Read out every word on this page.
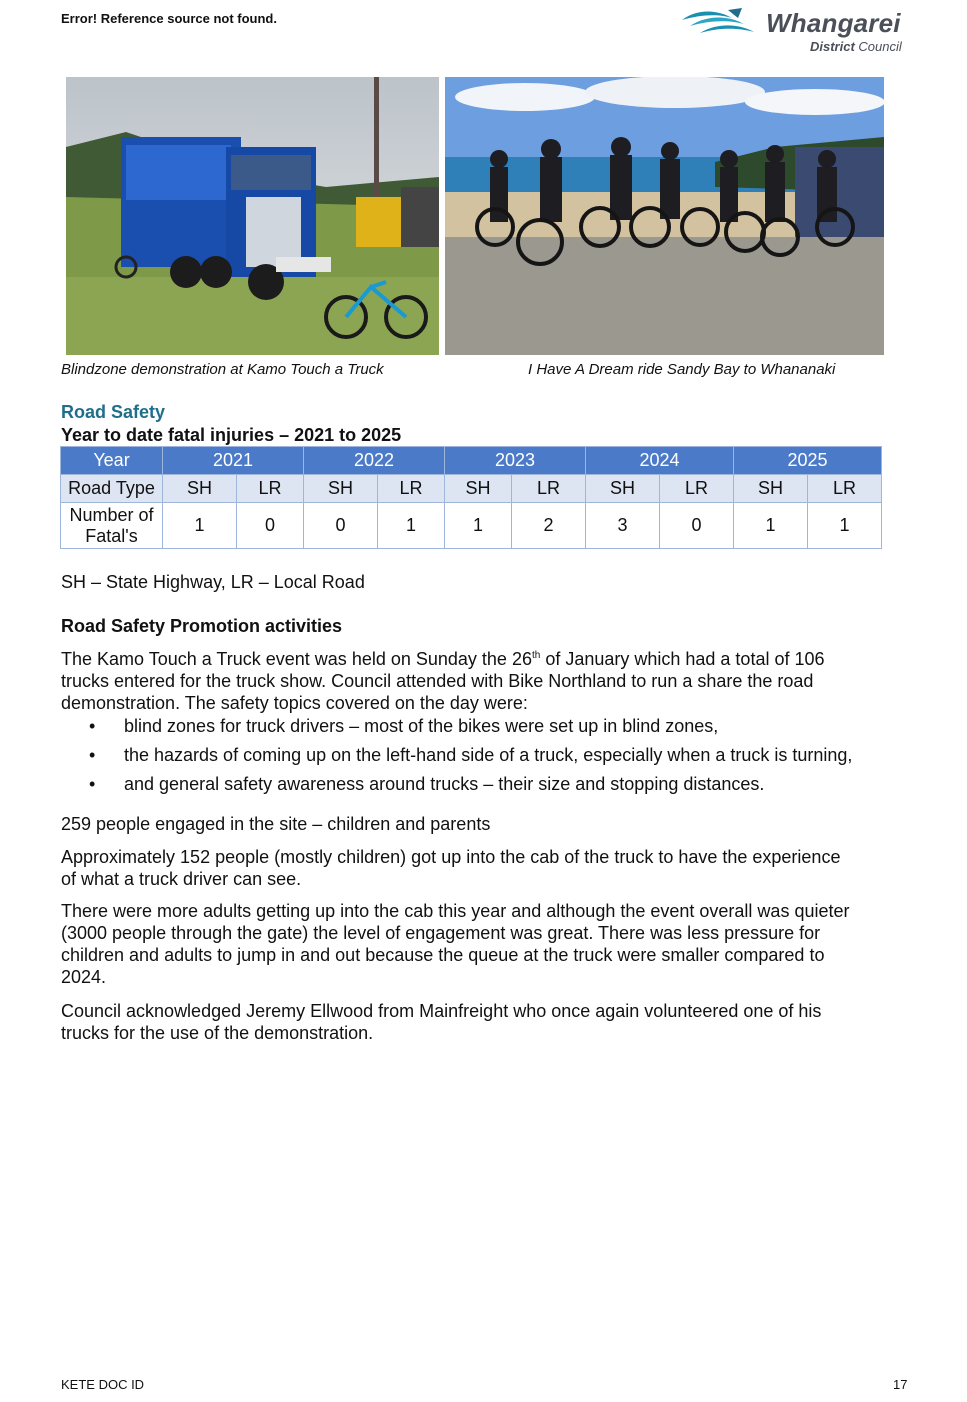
Error! Reference source not found.	Whangarei
District Council
Blindzone demonstration at Kamo Touch a Truck	I Have A Dream ride Sandy Bay to Whananaki
Road Safety
Year to date fatal injuries – 2021 to 2025
Year	2021		2022		2023		2024		2025	
Road Type	SH	LR	SH	LR	SH	LR	SH	LR	SH	LR
Number of
Fatal's	1	0	0	1	1	2	3	0	1	1
SH – State Highway, LR – Local Road
Road Safety Promotion activities
The Kamo Touch a Truck event was held on Sunday the 26th of January which had a total of 106
trucks entered for the truck show. Council attended with Bike Northland to run a share the road
demonstration. The safety topics covered on the day were:
• blind zones for truck drivers – most of the bikes were set up in blind zones,
• the hazards of coming up on the left-hand side of a truck, especially when a truck is turning,
• and general safety awareness around trucks – their size and stopping distances.
259 people engaged in the site – children and parents
Approximately 152 people (mostly children) got up into the cab of the truck to have the experience
of what a truck driver can see.
There were more adults getting up into the cab this year and although the event overall was quieter
(3000 people through the gate) the level of engagement was great. There was less pressure for
children and adults to jump in and out because the queue at the truck were smaller compared to
2024.
Council acknowledged Jeremy Ellwood from Mainfreight who once again volunteered one of his
trucks for the use of the demonstration.
KETE DOC ID	17
